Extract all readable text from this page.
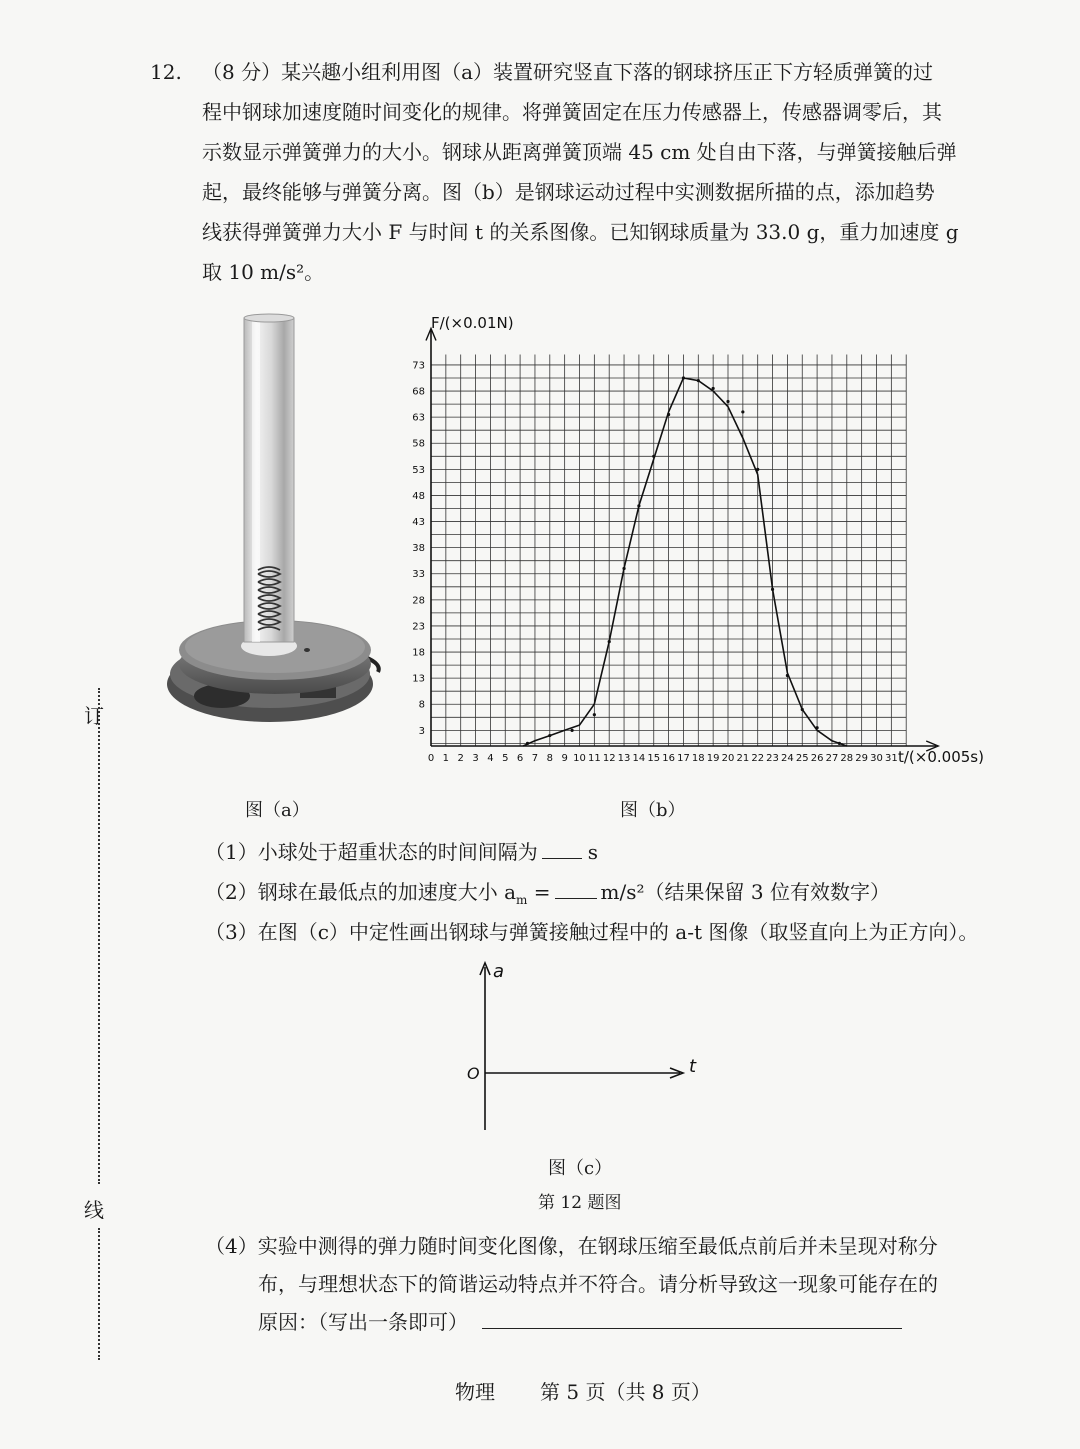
12. （8 分）某兴趣小组利用图（a）装置研究竖直下落的钢球挤压正下方轻质弹簧的过
程中钢球加速度随时间变化的规律。将弹簧固定在压力传感器上，传感器调零后，其
示数显示弹簧弹力的大小。钢球从距离弹簧顶端 45 cm 处自由下落，与弹簧接触后弹
起，最终能够与弹簧分离。图（b）是钢球运动过程中实测数据所描的点，添加趋势
线获得弹簧弹力大小 F 与时间 t 的关系图像。已知钢球质量为 33.0 g，重力加速度 g
取 10 m/s²。
0 1 2 3 4 5 6 7 8 9 10 11 12 13 14 15 16 17 18 19 20 21 22 23 24 25 26 27 28 29 30 31
3
8
13
18
23
28
33
38
43
48
53
58
63
68
73
F/(×0.01N)
t/(×0.005s)
图（a）	图（b）
（1）小球处于超重状态的时间间隔为	s
（2）钢球在最低点的加速度大小 $a_m$ =	m/s²（结果保留 3 位有效数字）
（3）在图（c）中定性画出钢球与弹簧接触过程中的 a-t 图像（取竖直向上为正方向）。
a
t
O
图（c）
第 12 题图
（4）实验中测得的弹力随时间变化图像，在钢球压缩至最低点前后并未呈现对称分
布，与理想状态下的简谐运动特点并不符合。请分析导致这一现象可能存在的
原因：（写出一条即可）
订
线
物理 第 5 页（共 8 页）
